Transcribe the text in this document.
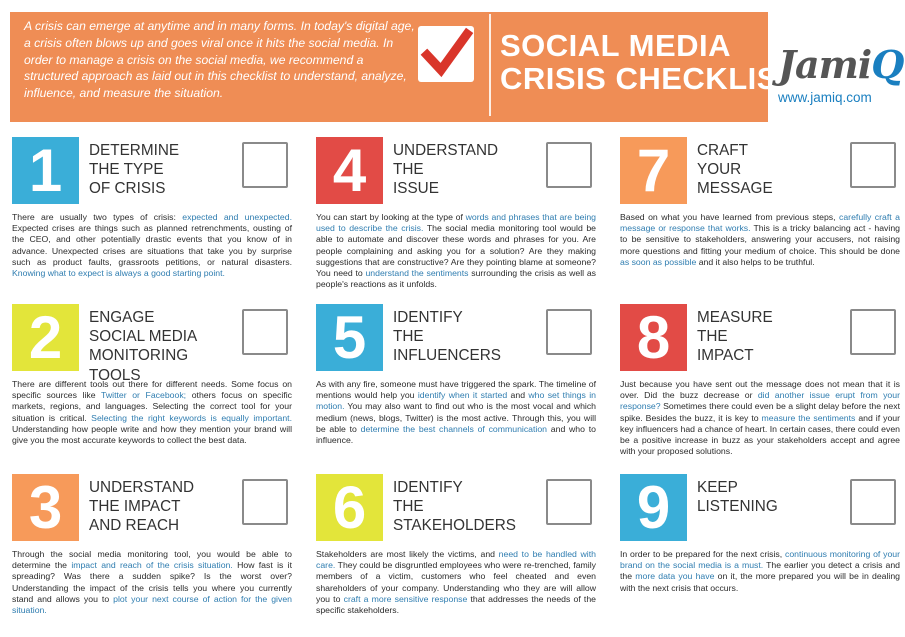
A crisis can emerge at anytime and in many forms. In today's digital age, a crisis often blows up and goes viral once it hits the social media. In order to manage a crisis on the social media, we recommend a structured approach as laid out in this checklist to understand, analyze, influence, and measure the situation.
SOCIAL MEDIA
CRISIS CHECKLIST
JamiQ
www.jamiq.com
1	DETERMINE
THE TYPE
OF CRISIS
There are usually two types of crisis: expected and unexpected. Expected crises are things such as planned retrenchments, ousting of the CEO, and other potentially drastic events that you know of in advance. Unexpected crises are situations that take you by surprise such as product faults, grassroots petitions, or natural disasters. Knowing what to expect is always a good starting point.
4	UNDERSTAND
THE
ISSUE
You can start by looking at the type of words and phrases that are being used to describe the crisis. The social media monitoring tool would be able to automate and discover these words and phrases for you. Are people complaining and asking you for a solution? Are they making suggestions that are constructive? Are they pointing blame at someone? You need to understand the sentiments surrounding the crisis as well as people's reactions as it unfolds.
7	CRAFT
YOUR
MESSAGE
Based on what you have learned from previous steps, carefully craft a message or response that works. This is a tricky balancing act - having to be sensitive to stakeholders, answering your accusers, not raising more questions and fitting your medium of choice. This should be done as soon as possible and it also helps to be truthful.
2	ENGAGE
SOCIAL MEDIA
MONITORING
TOOLS
There are different tools out there for different needs. Some focus on specific sources like Twitter or Facebook; others focus on specific markets, regions, and languages. Selecting the correct tool for your situation is critical. Selecting the right keywords is equally important. Understanding how people write and how they mention your brand will give you the most accurate keywords to collect the best data.
5	IDENTIFY
THE
INFLUENCERS
As with any fire, someone must have triggered the spark. The timeline of mentions would help you identify when it started and who set things in motion. You may also want to find out who is the most vocal and which medium (news, blogs, Twitter) is the most active. Through this, you will be able to determine the best channels of communication and who to influence.
8	MEASURE
THE
IMPACT
Just because you have sent out the message does not mean that it is over. Did the buzz decrease or did another issue erupt from your response? Sometimes there could even be a slight delay before the next spike. Besides the buzz, it is key to measure the sentiments and if your key influencers had a chance of heart. In certain cases, there could even be a positive increase in buzz as your stakeholders accept and agree with your proposed solutions.
3	UNDERSTAND
THE IMPACT
AND REACH
Through the social media monitoring tool, you would be able to determine the impact and reach of the crisis situation. How fast is it spreading? Was there a sudden spike? Is the worst over? Understanding the impact of the crisis tells you where you currently stand and allows you to plot your next course of action for the given situation.
6	IDENTIFY
THE
STAKEHOLDERS
Stakeholders are most likely the victims, and need to be handled with care. They could be disgruntled employees who were re-trenched, family members of a victim, customers who feel cheated and even shareholders of your company. Understanding who they are will allow you to craft a more sensitive response that addresses the needs of the specific stakeholders.
9	KEEP
LISTENING
In order to be prepared for the next crisis, continuous monitoring of your brand on the social media is a must. The earlier you detect a crisis and the more data you have on it, the more prepared you will be in dealing with the next crisis that occurs.
